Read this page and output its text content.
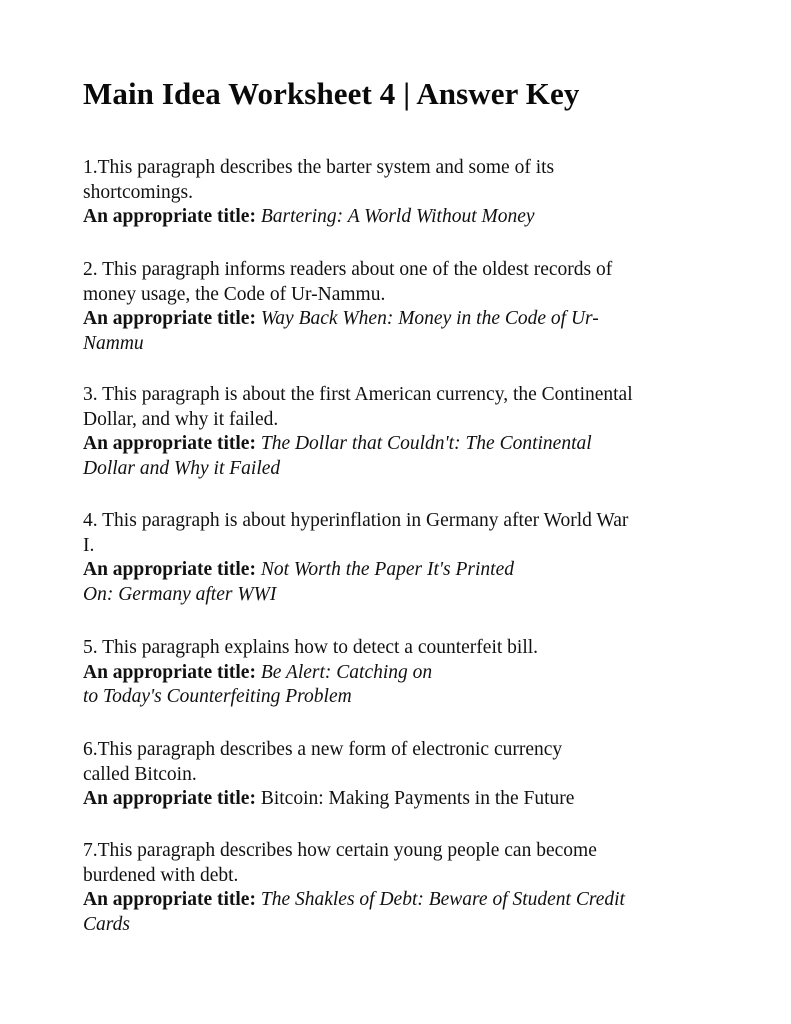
Main Idea Worksheet 4 | Answer Key
1.This paragraph describes the barter system and some of its
shortcomings.
An appropriate title: Bartering: A World Without Money
2. This paragraph informs readers about one of the oldest records of
money usage, the Code of Ur-Nammu.
An appropriate title: Way Back When: Money in the Code of Ur-
Nammu
3. This paragraph is about the first American currency, the Continental
Dollar, and why it failed.
An appropriate title: The Dollar that Couldn't: The Continental
Dollar and Why it Failed
4. This paragraph is about hyperinflation in Germany after World War
I.
An appropriate title: Not Worth the Paper It's Printed
On: Germany after WWI
5. This paragraph explains how to detect a counterfeit bill.
An appropriate title: Be Alert: Catching on
to Today's Counterfeiting Problem
6.This paragraph describes a new form of electronic currency
called Bitcoin.
An appropriate title: Bitcoin: Making Payments in the Future
7.This paragraph describes how certain young people can become
burdened with debt.
An appropriate title: The Shakles of Debt: Beware of Student Credit
Cards
